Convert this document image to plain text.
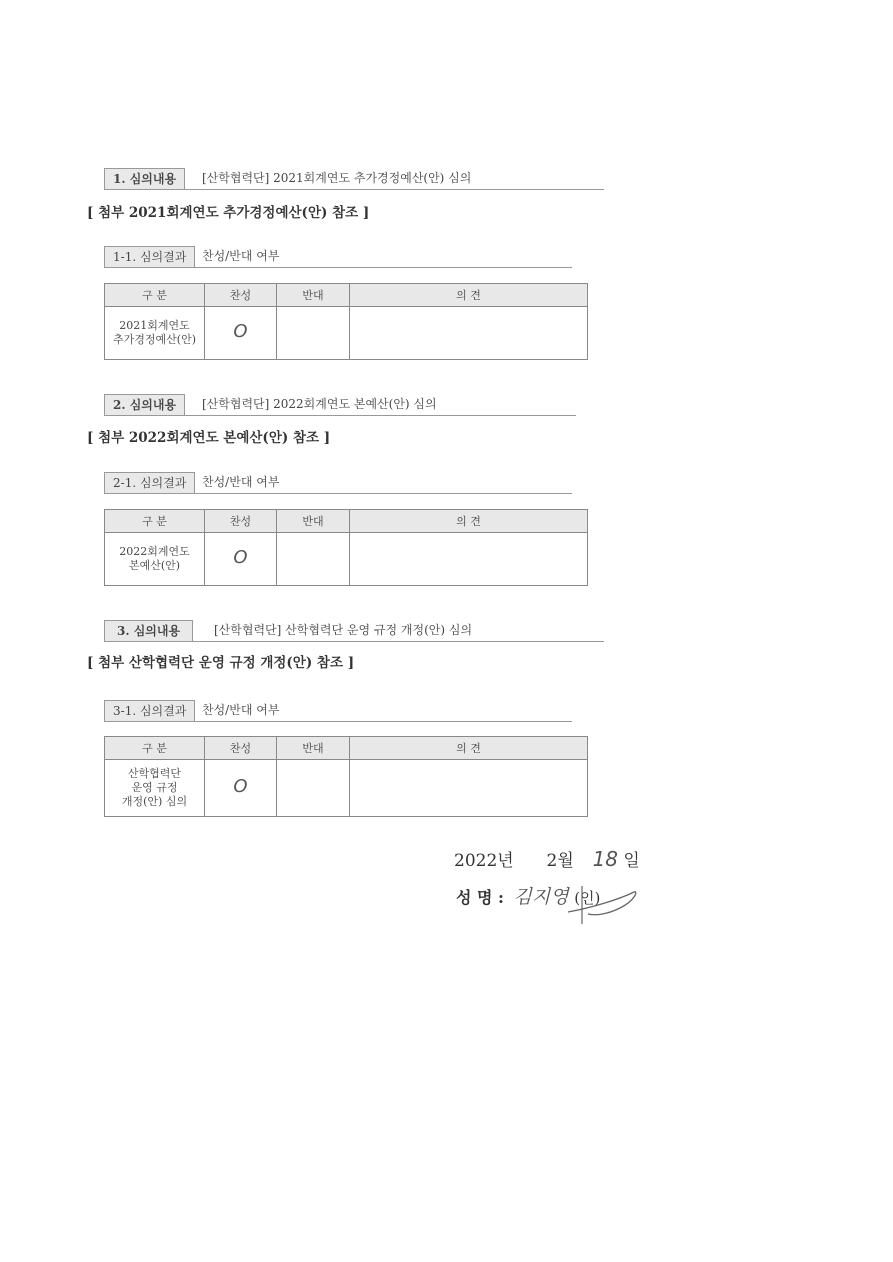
1. 심의내용	[산학협력단] 2021회계연도 추가경정예산(안) 심의
[ 첨부 2021회계연도 추가경정예산(안) 참조 ]
1-1. 심의결과	찬성/반대 여부
구 분	찬성	반대	의 견
2021회계연도
추가경정예산(안)	O		
2. 심의내용	[산학협력단] 2022회계연도 본예산(안) 심의
[ 첨부 2022회계연도 본예산(안) 참조 ]
2-1. 심의결과	찬성/반대 여부
구 분	찬성	반대	의 견
2022회계연도
본예산(안)	O		
3. 심의내용	[산학협력단] 산학협력단 운영 규정 개정(안) 심의
[ 첨부 산학협력단 운영 규정 개정(안) 참조 ]
3-1. 심의결과	찬성/반대 여부
구 분	찬성	반대	의 견
산학협력단
운영 규정
개정(안) 심의	O		
2022년 2월 18 일
성 명 : 김지영 (인)
